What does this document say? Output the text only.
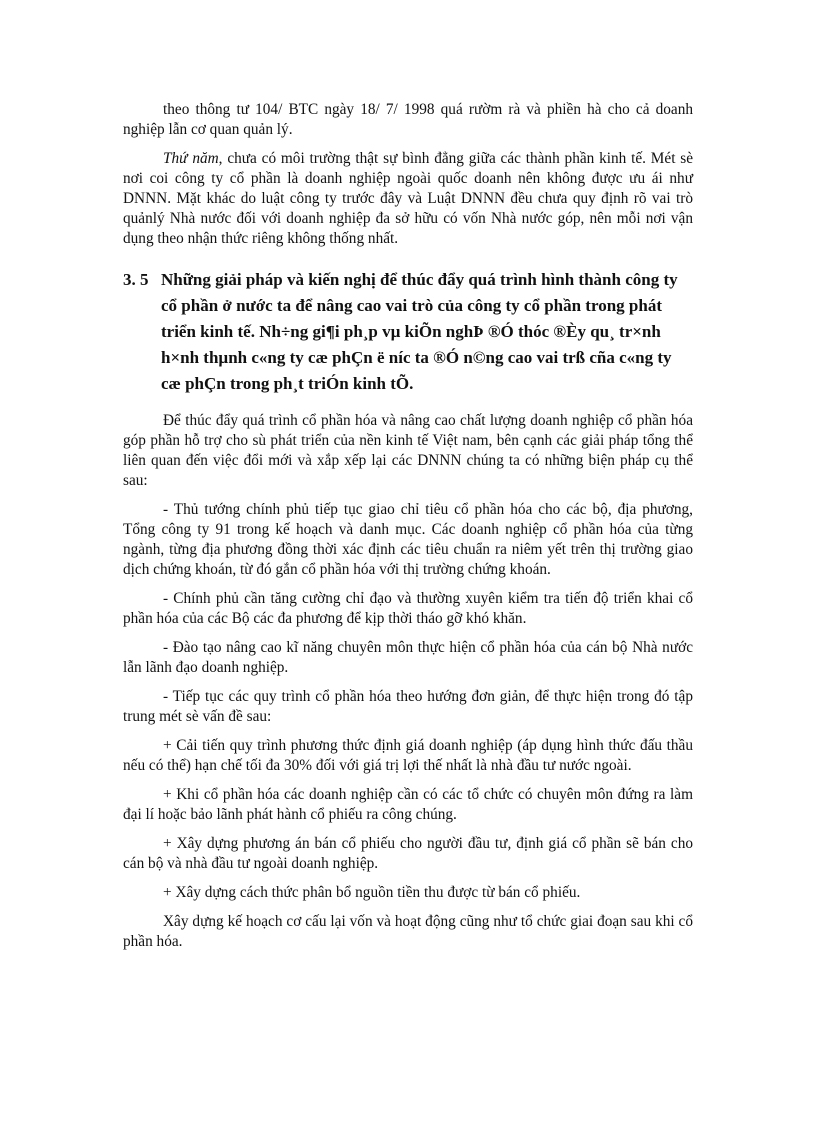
theo thông tư 104/ BTC ngày 18/ 7/ 1998 quá rườm rà và phiền hà cho cả doanh nghiệp lẫn cơ quan quản lý.

Thứ năm, chưa có môi trường thật sự bình đẳng giữa các thành phần kinh tế. Mét sè nơi coi công ty cổ phần là doanh nghiệp ngoài quốc doanh nên không được ưu ái như DNNN. Mặt khác do luật công ty trước đây và Luật DNNN đều chưa quy định rõ vai trò quảnlý Nhà nước đối với doanh nghiệp đa sở hữu có vốn Nhà nước góp, nên mỗi nơi vận dụng theo nhận thức riêng không thống nhất.

3. 5 Những giải pháp và kiến nghị để thúc đẩy quá trình hình thành công ty cổ phần ở nước ta để nâng cao vai trò của công ty cổ phần trong phát triển kinh tế. Nh÷ng gi¶i ph¸p vµ kiÕn nghÞ ®Ó thóc ®Èy qu¸ tr×nh h×nh thµnh c«ng ty cæ phÇn ë níc ta ®Ó n©ng cao vai trß cña c«ng ty cæ phÇn trong ph¸t triÓn kinh tÕ.

Để thúc đẩy quá trình cổ phần hóa và nâng cao chất lượng doanh nghiệp cổ phần hóa góp phần hỗ trợ cho sù phát triển của nền kinh tế Việt nam, bên cạnh các giải pháp tổng thể liên quan đến việc đổi mới và xắp xếp lại các DNNN chúng ta có những biện pháp cụ thể sau:

- Thủ tướng chính phủ tiếp tục giao chỉ tiêu cổ phần hóa cho các bộ, địa phương, Tổng công ty 91 trong kế hoạch và danh mục. Các doanh nghiệp cổ phần hóa của từng ngành, từng địa phương đồng thời xác định các tiêu chuẩn ra niêm yết trên thị trường giao dịch chứng khoán, từ đó gắn cổ phần hóa với thị trường chứng khoán.

- Chính phủ cần tăng cường chỉ đạo và thường xuyên kiểm tra tiến độ triển khai cổ phần hóa của các Bộ các đa phương để kịp thời tháo gỡ khó khăn.

- Đào tạo nâng cao kĩ năng chuyên môn thực hiện cổ phần hóa của cán bộ Nhà nước lẫn lãnh đạo doanh nghiệp.

- Tiếp tục các quy trình cổ phần hóa theo hướng đơn giản, để thực hiện trong đó tập trung mét sè vấn đề sau:

+ Cải tiến quy trình phương thức định giá doanh nghiệp (áp dụng hình thức đấu thầu nếu có thể) hạn chế tối đa 30% đối với giá trị lợi thế nhất là nhà đầu tư nước ngoài.

+ Khi cổ phần hóa các doanh nghiệp cần có các tổ chức có chuyên môn đứng ra làm đại lí hoặc bảo lãnh phát hành cổ phiếu ra công chúng.

+ Xây dựng phương án bán cổ phiếu cho người đầu tư, định giá cổ phần sẽ bán cho cán bộ và nhà đầu tư ngoài doanh nghiệp.

+ Xây dựng cách thức phân bổ nguồn tiền thu được từ bán cổ phiếu.

Xây dựng kế hoạch cơ cấu lại vốn và hoạt động cũng như tổ chức giai đoạn sau khi cổ phần hóa.
